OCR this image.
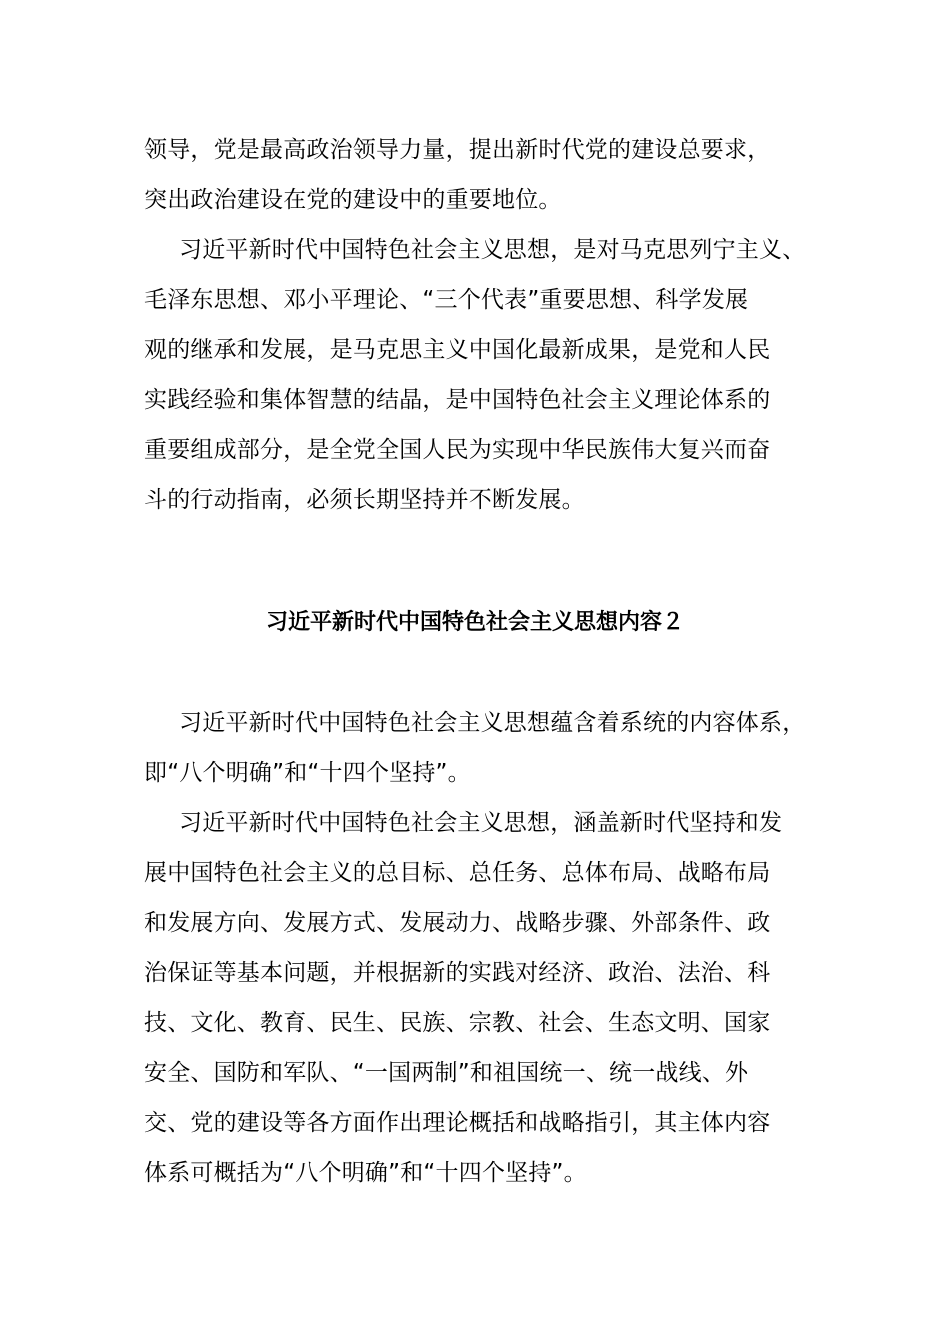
领导，党是最高政治领导力量，提出新时代党的建设总要求，
突出政治建设在党的建设中的重要地位。
习近平新时代中国特色社会主义思想，是对马克思列宁主义、
毛泽东思想、邓小平理论、“三个代表”重要思想、科学发展
观的继承和发展，是马克思主义中国化最新成果，是党和人民
实践经验和集体智慧的结晶，是中国特色社会主义理论体系的
重要组成部分，是全党全国人民为实现中华民族伟大复兴而奋
斗的行动指南，必须长期坚持并不断发展。
习近平新时代中国特色社会主义思想内容２
习近平新时代中国特色社会主义思想蕴含着系统的内容体系，
即“八个明确”和“十四个坚持”。
习近平新时代中国特色社会主义思想，涵盖新时代坚持和发
展中国特色社会主义的总目标、总任务、总体布局、战略布局
和发展方向、发展方式、发展动力、战略步骤、外部条件、政
治保证等基本问题，并根据新的实践对经济、政治、法治、科
技、文化、教育、民生、民族、宗教、社会、生态文明、国家
安全、国防和军队、“一国两制”和祖国统一、统一战线、外
交、党的建设等各方面作出理论概括和战略指引，其主体内容
体系可概括为“八个明确”和“十四个坚持”。
